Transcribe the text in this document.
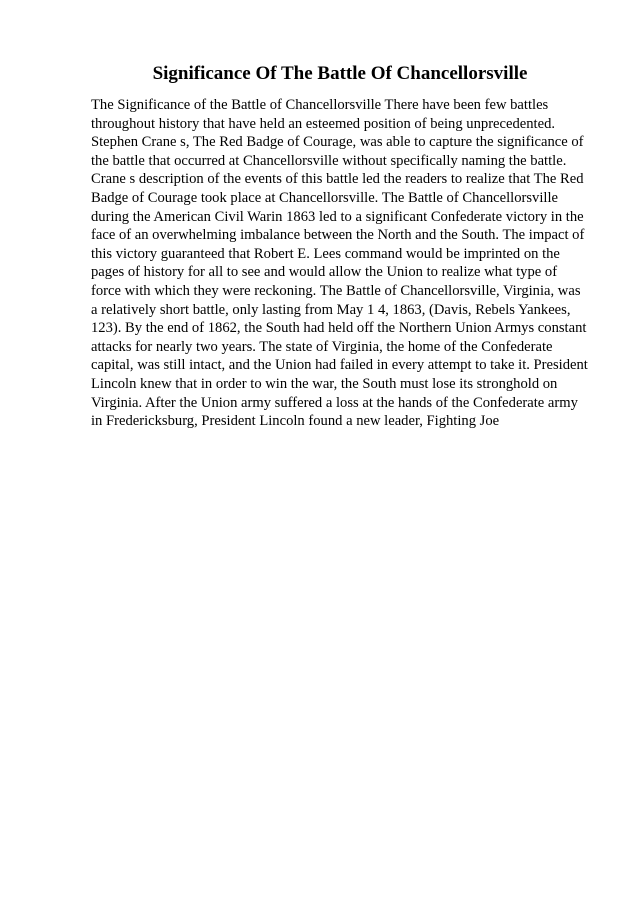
Significance Of The Battle Of Chancellorsville
The Significance of the Battle of Chancellorsville There have been few battles
throughout history that have held an esteemed position of being unprecedented.
Stephen Crane s, The Red Badge of Courage, was able to capture the significance of
the battle that occurred at Chancellorsville without specifically naming the battle.
Crane s description of the events of this battle led the readers to realize that The Red
Badge of Courage took place at Chancellorsville. The Battle of Chancellorsville
during the American Civil Warin 1863 led to a significant Confederate victory in the
face of an overwhelming imbalance between the North and the South. The impact of
this victory guaranteed that Robert E. Lees command would be imprinted on the
pages of history for all to see and would allow the Union to realize what type of
force with which they were reckoning. The Battle of Chancellorsville, Virginia, was
a relatively short battle, only lasting from May 1 4, 1863, (Davis, Rebels Yankees,
123). By the end of 1862, the South had held off the Northern Union Armys constant
attacks for nearly two years. The state of Virginia, the home of the Confederate
capital, was still intact, and the Union had failed in every attempt to take it. President
Lincoln knew that in order to win the war, the South must lose its stronghold on
Virginia. After the Union army suffered a loss at the hands of the Confederate army
in Fredericksburg, President Lincoln found a new leader, Fighting Joe
